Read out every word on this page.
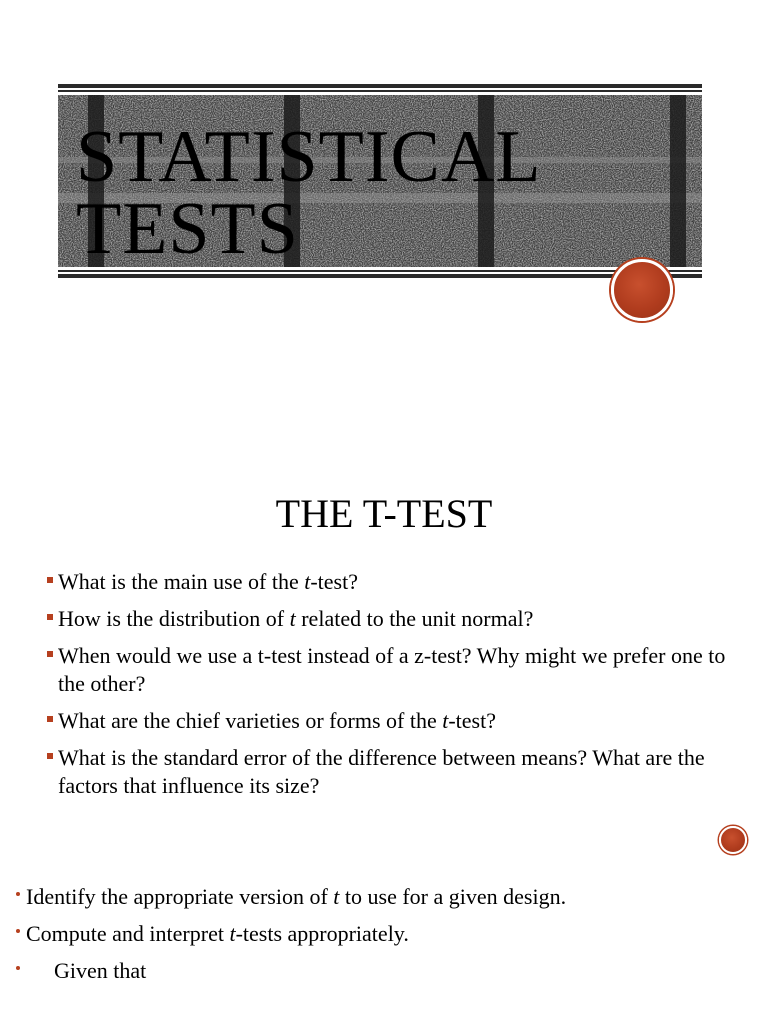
STATISTICAL
TESTS
THE T-TEST
What is the main use of the t-test?
How is the distribution of t related to the unit normal?
When would we use a t-test instead of a z-test? Why might we prefer one to the other?
What are the chief varieties or forms of the t-test?
What is the standard error of the difference between means? What are the factors that influence its size?
Identify the appropriate version of t to use for a given design.
Compute and interpret t-tests appropriately.
Given that
